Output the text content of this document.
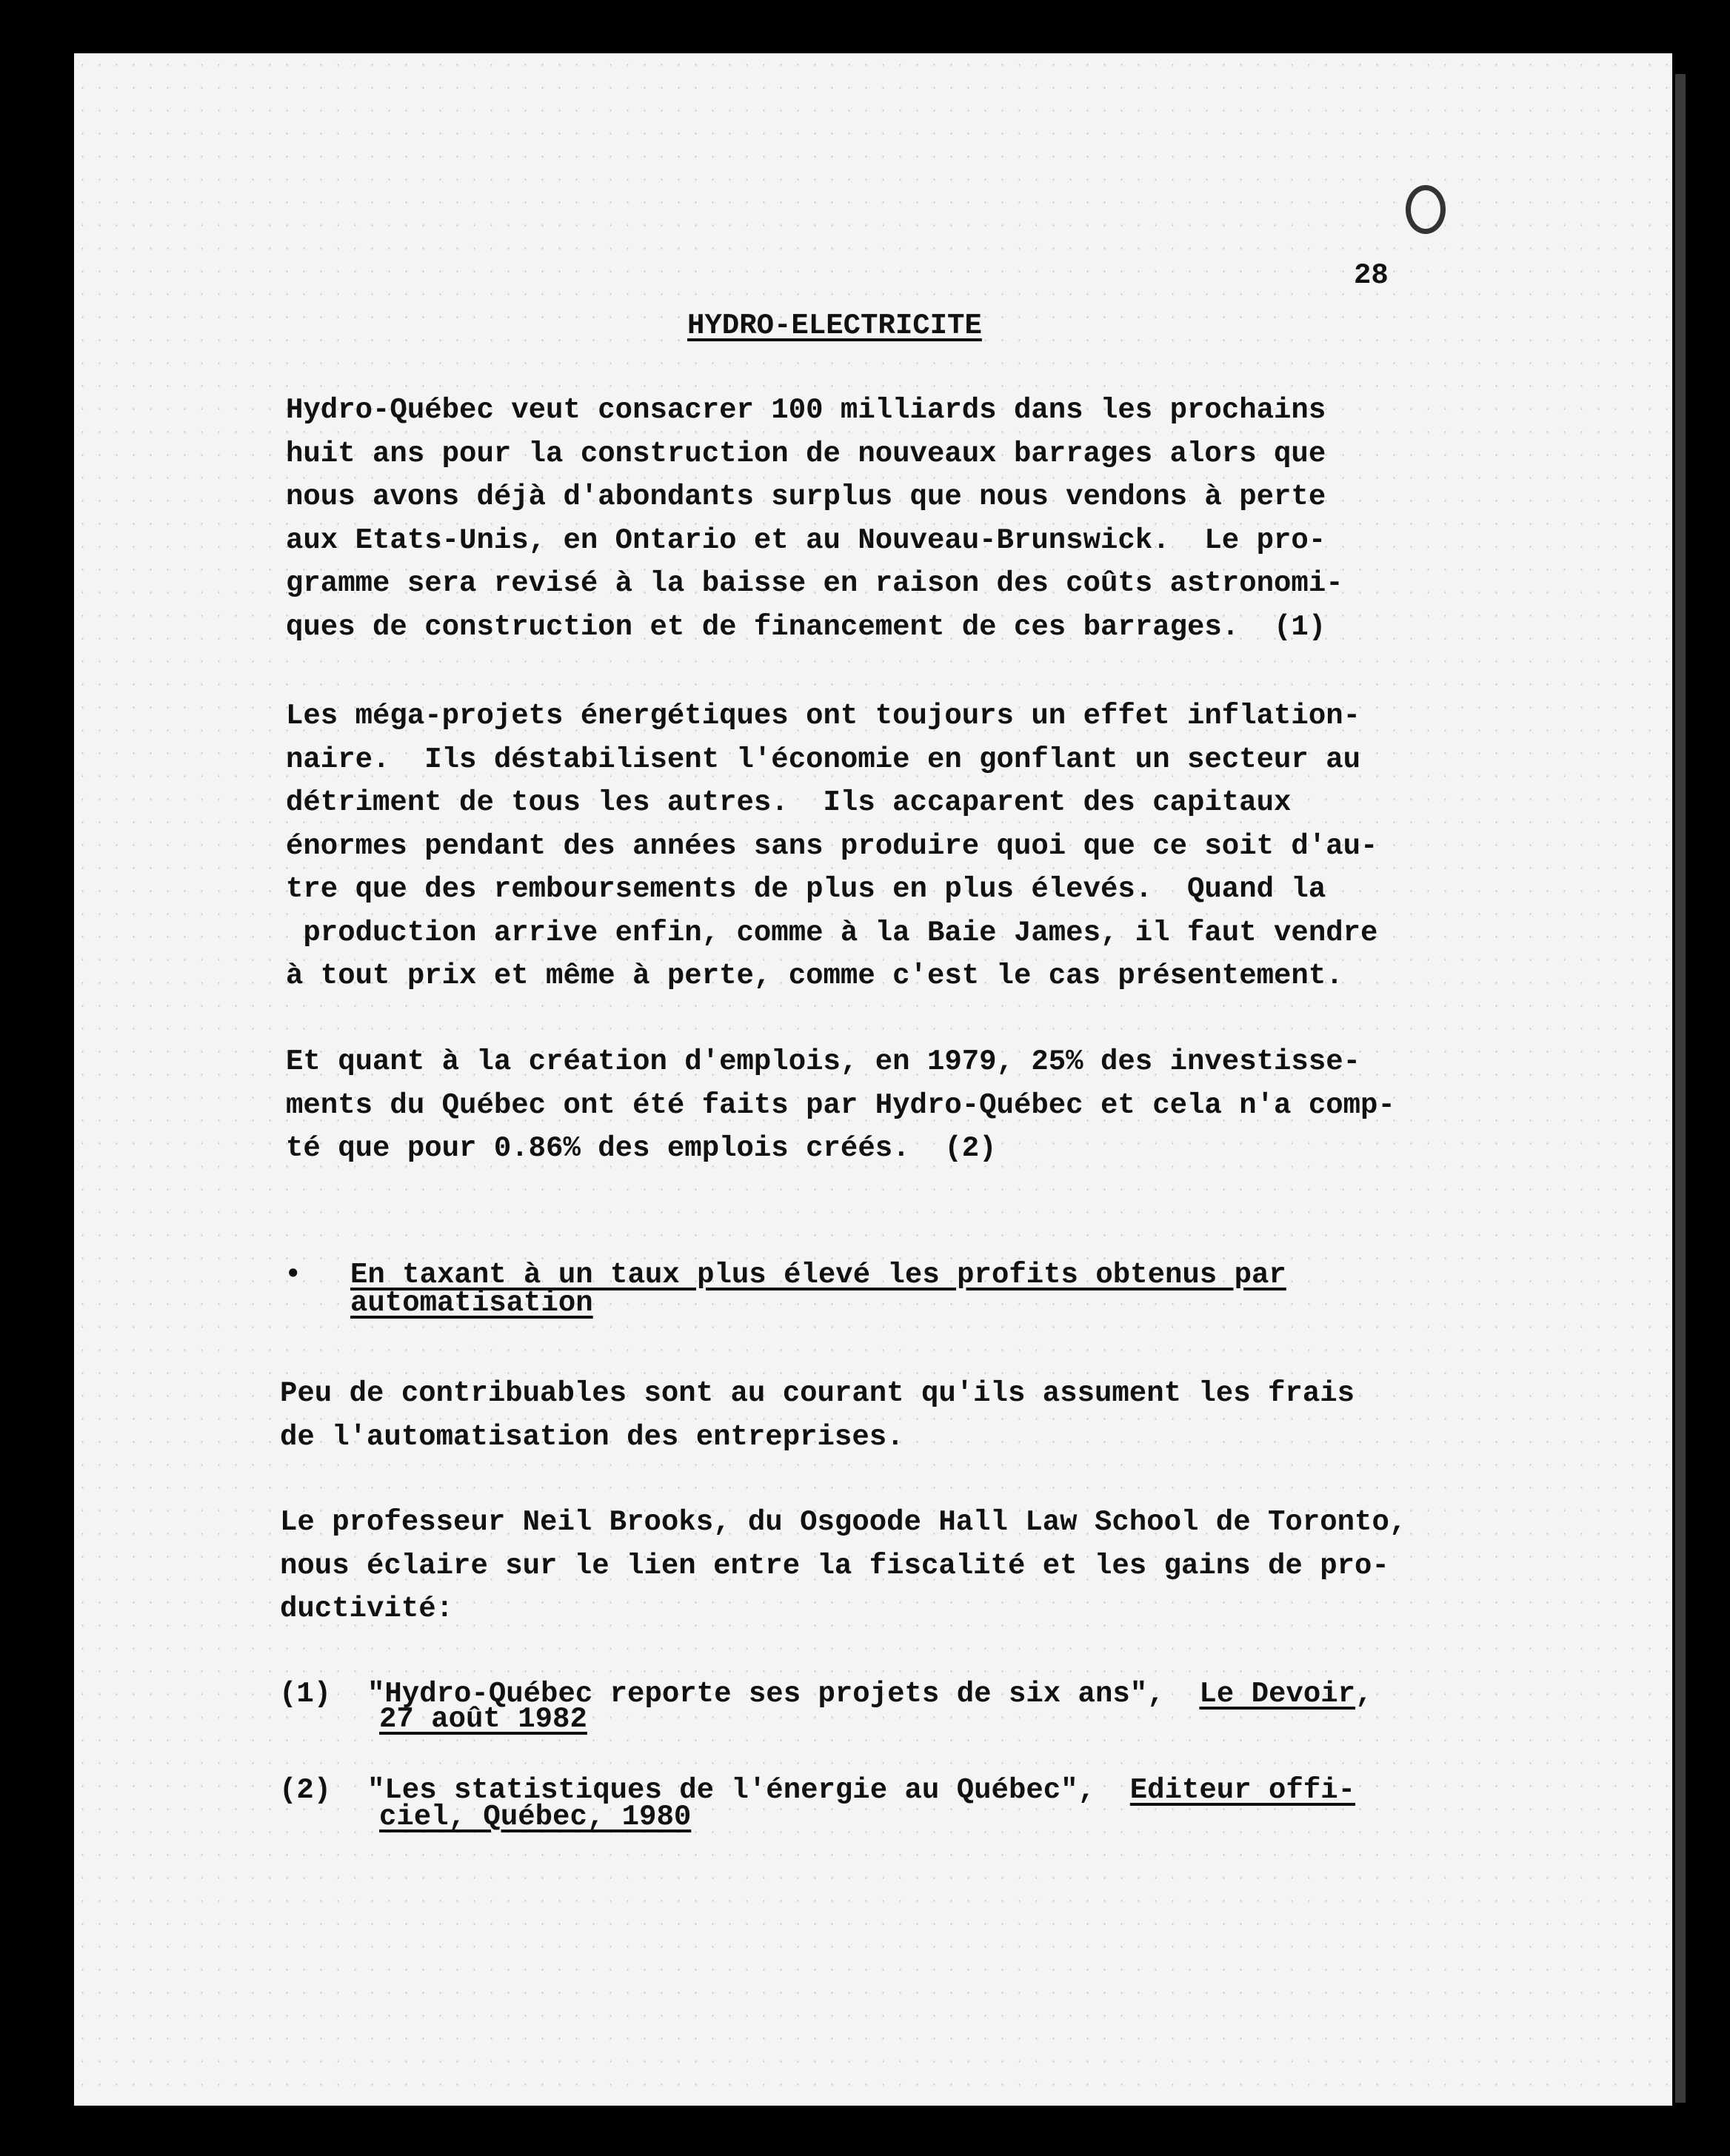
28
HYDRO-ELECTRICITE
Hydro-Québec veut consacrer 100 milliards dans les prochains
huit ans pour la construction de nouveaux barrages alors que
nous avons déjà d'abondants surplus que nous vendons à perte
aux Etats-Unis, en Ontario et au Nouveau-Brunswick.  Le pro-
gramme sera revisé à la baisse en raison des coûts astronomi-
ques de construction et de financement de ces barrages.  (1)
Les méga-projets énergétiques ont toujours un effet inflation-
naire.  Ils déstabilisent l'économie en gonflant un secteur au
détriment de tous les autres.  Ils accaparent des capitaux
énormes pendant des années sans produire quoi que ce soit d'au-
tre que des remboursements de plus en plus élevés.  Quand la
production arrive enfin, comme à la Baie James, il faut vendre
à tout prix et même à perte, comme c'est le cas présentement.
Et quant à la création d'emplois, en 1979, 25% des investisse-
ments du Québec ont été faits par Hydro-Québec et cela n'a comp-
té que pour 0.86% des emplois créés.  (2)
Peu de contribuables sont au courant qu'ils assument les frais
de l'automatisation des entreprises.
Le professeur Neil Brooks, du Osgoode Hall Law School de Toronto,
nous éclaire sur le lien entre la fiscalité et les gains de pro-
ductivité:
• En taxant à un taux plus élevé les profits obtenus par
automatisation
(1) "Hydro-Québec reporte ses projets de six ans", Le Devoir,
27 août 1982
(2) "Les statistiques de l'énergie au Québec", Editeur offi-
ciel, Québec, 1980
